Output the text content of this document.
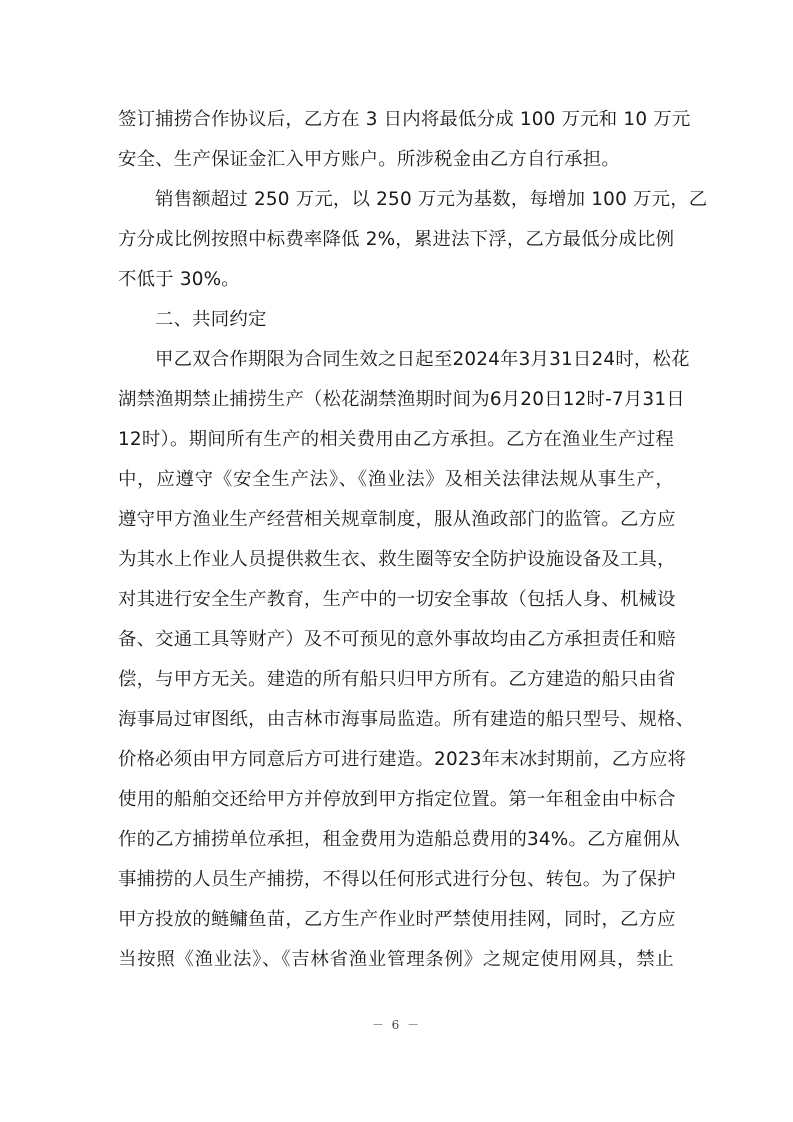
签订捕捞合作协议后，乙方在 3 日内将最低分成 100 万元和 10 万元
安全、生产保证金汇入甲方账户。所涉税金由乙方自行承担。
销售额超过 250 万元，以 250 万元为基数，每增加 100 万元，乙
方分成比例按照中标费率降低 2%，累进法下浮，乙方最低分成比例
不低于 30%。
二、共同约定
甲乙双合作期限为合同生效之日起至2024年3月31日24时，松花
湖禁渔期禁止捕捞生产（松花湖禁渔期时间为6月20日12时-7月31日
12时）。期间所有生产的相关费用由乙方承担。乙方在渔业生产过程
中，应遵守《安全生产法》、《渔业法》及相关法律法规从事生产，
遵守甲方渔业生产经营相关规章制度，服从渔政部门的监管。乙方应
为其水上作业人员提供救生衣、救生圈等安全防护设施设备及工具，
对其进行安全生产教育，生产中的一切安全事故（包括人身、机械设
备、交通工具等财产）及不可预见的意外事故均由乙方承担责任和赔
偿，与甲方无关。建造的所有船只归甲方所有。乙方建造的船只由省
海事局过审图纸，由吉林市海事局监造。所有建造的船只型号、规格、
价格必须由甲方同意后方可进行建造。2023年末冰封期前，乙方应将
使用的船舶交还给甲方并停放到甲方指定位置。第一年租金由中标合
作的乙方捕捞单位承担，租金费用为造船总费用的34%。乙方雇佣从
事捕捞的人员生产捕捞，不得以任何形式进行分包、转包。为了保护
甲方投放的鲢鳙鱼苗，乙方生产作业时严禁使用挂网，同时，乙方应
当按照《渔业法》、《吉林省渔业管理条例》之规定使用网具，禁止
－ 6 －
